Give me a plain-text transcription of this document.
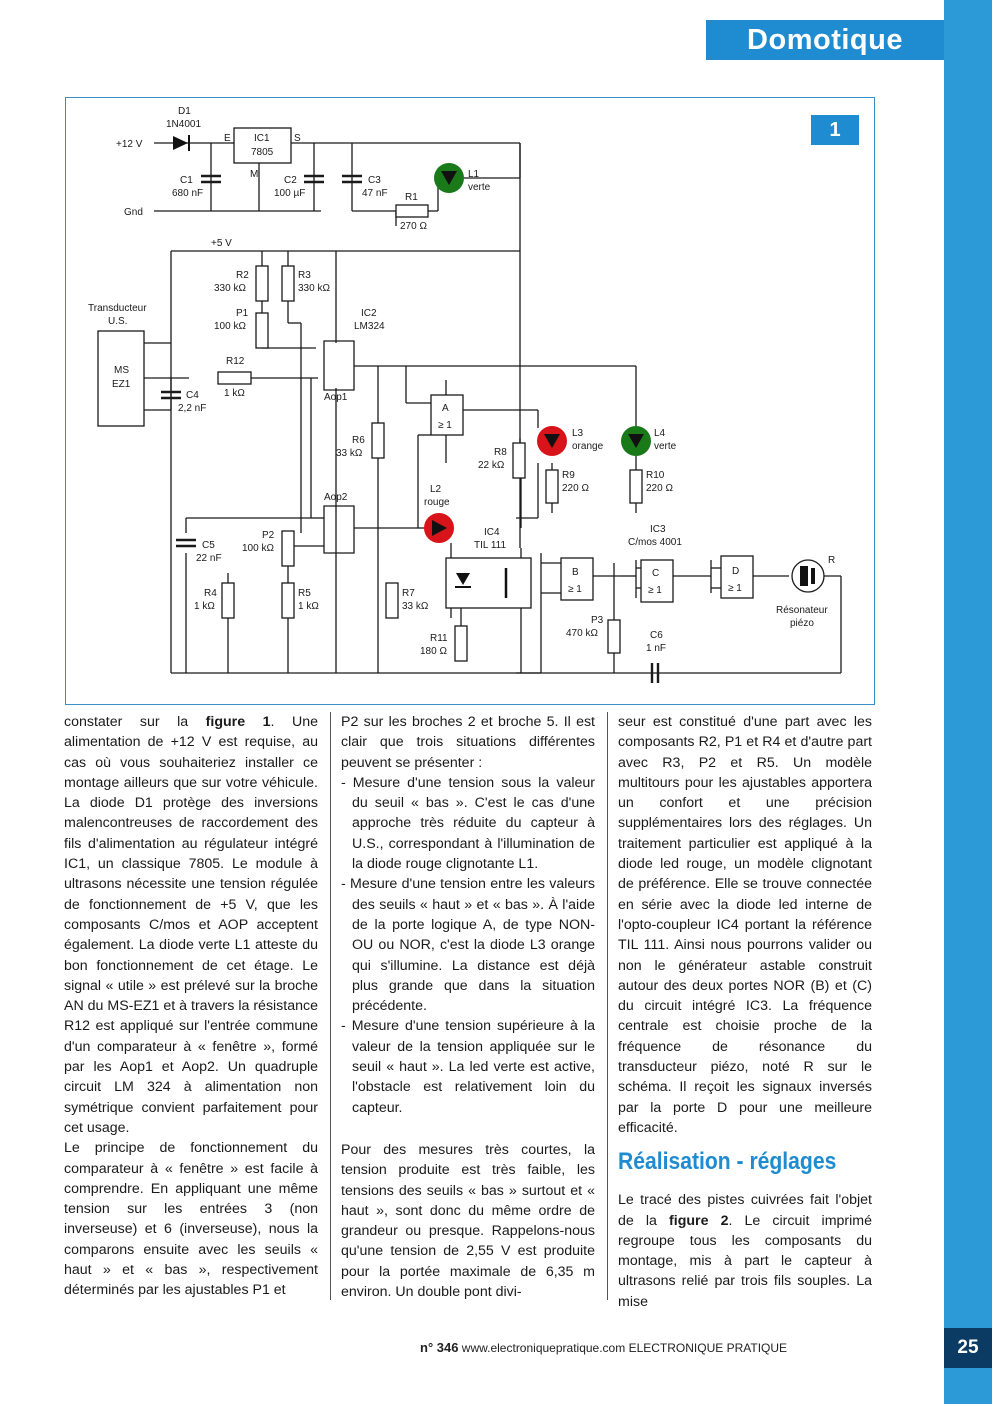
Domotique
D1
1N4001
+12 V
Gnd
IC1
7805
E	S
M
C1
680 nF
C2
100 µF
C3
47 nF R1
270 Ω
L1
verte
+5 V
R2
330 kΩ
R3
330 kΩ
P1
100 kΩ
Transducteur
U.S.
MS
EZ1
R12
1 kΩ
C4
2,2 nF
IC2
LM324
Aop1
Aop2
R6
33 kΩ
A
≥ 1
L3
orange
L4
verte
R8
22 kΩ
R9
220 Ω
R10
220 Ω
L2
rouge
IC4
TIL 111
IC3
C/mos 4001
C5
22 nF
P2
100 kΩ
R4
1 kΩ
R5
1 kΩ
R7
33 kΩ
R11
180 Ω
B
≥ 1
C
≥ 1
D
≥ 1
P3
470 kΩ	C6
1 nF
R
Résonateur
piézo
1

constater sur la figure 1. Une alimentation de +12 V est requise, au cas où vous souhaiteriez installer ce montage ailleurs que sur votre véhicule. La diode D1 protège des inversions malencontreuses de raccordement des fils d'alimentation au régulateur intégré IC1, un classique 7805. Le module à ultrasons nécessite une tension régulée de fonctionnement de +5 V, que les composants C/mos et AOP acceptent également. La diode verte L1 atteste du bon fonctionnement de cet étage. Le signal « utile » est prélevé sur la broche AN du MS-EZ1 et à travers la résistance R12 est appliqué sur l'entrée commune d'un comparateur à « fenêtre », formé par les Aop1 et Aop2. Un quadruple circuit LM 324 à alimentation non symétrique convient parfaitement pour cet usage.

Le principe de fonctionnement du comparateur à « fenêtre » est facile à comprendre. En appliquant une même tension sur les entrées 3 (non inverseuse) et 6 (inverseuse), nous la comparons ensuite avec les seuils « haut » et « bas », respectivement déterminés par les ajustables P1 et

P2 sur les broches 2 et broche 5. Il est clair que trois situations différentes peuvent se présenter :

- Mesure d'une tension sous la valeur du seuil « bas ». C'est le cas d'une approche très réduite du capteur à U.S., correspondant à l'illumination de la diode rouge clignotante L1.

- Mesure d'une tension entre les valeurs des seuils « haut » et « bas ». À l'aide de la porte logique A, de type NON-OU ou NOR, c'est la diode L3 orange qui s'illumine. La distance est déjà plus grande que dans la situation précédente.

- Mesure d'une tension supérieure à la valeur de la tension appliquée sur le seuil « haut ». La led verte est active, l'obstacle est relativement loin du capteur.

Pour des mesures très courtes, la tension produite est très faible, les tensions des seuils « bas » surtout et « haut », sont donc du même ordre de grandeur ou presque. Rappelons-nous qu'une tension de 2,55 V est produite pour la portée maximale de 6,35 m environ. Un double pont divi-

seur est constitué d'une part avec les composants R2, P1 et R4 et d'autre part avec R3, P2 et R5. Un modèle multitours pour les ajustables apportera un confort et une précision supplémentaires lors des réglages. Un traitement particulier est appliqué à la diode led rouge, un modèle clignotant de préférence. Elle se trouve connectée en série avec la diode led interne de l'opto-coupleur IC4 portant la référence TIL 111. Ainsi nous pourrons valider ou non le générateur astable construit autour des deux portes NOR (B) et (C) du circuit intégré IC3. La fréquence centrale est choisie proche de la fréquence de résonance du transducteur piézo, noté R sur le schéma. Il reçoit les signaux inversés par la porte D pour une meilleure efficacité.

Réalisation - réglages

Le tracé des pistes cuivrées fait l'objet de la figure 2. Le circuit imprimé regroupe tous les composants du montage, mis à part le capteur à ultrasons relié par trois fils souples. La mise

n° 346 www.electroniquepratique.com ELECTRONIQUE PRATIQUE	25
